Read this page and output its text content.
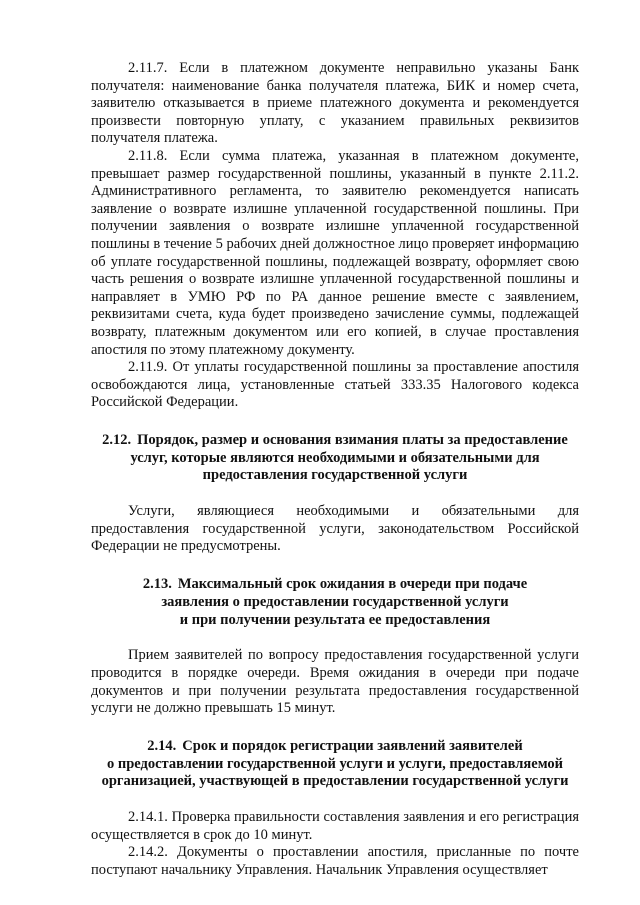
2.11.7. Если в платежном документе неправильно указаны Банк получателя: наименование банка получателя платежа, БИК и номер счета, заявителю отказывается в приеме платежного документа и рекомендуется произвести повторную уплату, с указанием правильных реквизитов получателя платежа.

2.11.8. Если сумма платежа, указанная в платежном документе, превышает размер государственной пошлины, указанный в пункте 2.11.2. Административного регламента, то заявителю рекомендуется написать заявление о возврате излишне уплаченной государственной пошлины. При получении заявления о возврате излишне уплаченной государственной пошлины в течение 5 рабочих дней должностное лицо проверяет информацию об уплате государственной пошлины, подлежащей возврату, оформляет свою часть решения о возврате излишне уплаченной государственной пошлины и направляет в УМЮ РФ по РА данное решение вместе с заявлением, реквизитами счета, куда будет произведено зачисление суммы, подлежащей возврату, платежным документом или его копией, в случае проставления апостиля по этому платежному документу.

2.11.9. От уплаты государственной пошлины за проставление апостиля освобождаются лица, установленные статьей 333.35 Налогового кодекса Российской Федерации.

2.12. Порядок, размер и основания взимания платы за предоставление
услуг, которые являются необходимыми и обязательными для
предоставления государственной услуги

Услуги, являющиеся необходимыми и обязательными для предоставления государственной услуги, законодательством Российской Федерации не предусмотрены.

2.13. Максимальный срок ожидания в очереди при подаче
заявления о предоставлении государственной услуги
и при получении результата ее предоставления

Прием заявителей по вопросу предоставления государственной услуги проводится в порядке очереди. Время ожидания в очереди при подаче документов и при получении результата предоставления государственной услуги не должно превышать 15 минут.

2.14. Срок и порядок регистрации заявлений заявителей
о предоставлении государственной услуги и услуги, предоставляемой
организацией, участвующей в предоставлении государственной услуги

2.14.1. Проверка правильности составления заявления и его регистрация осуществляется в срок до 10 минут.

2.14.2. Документы о проставлении апостиля, присланные по почте поступают начальнику Управления. Начальник Управления осуществляет
